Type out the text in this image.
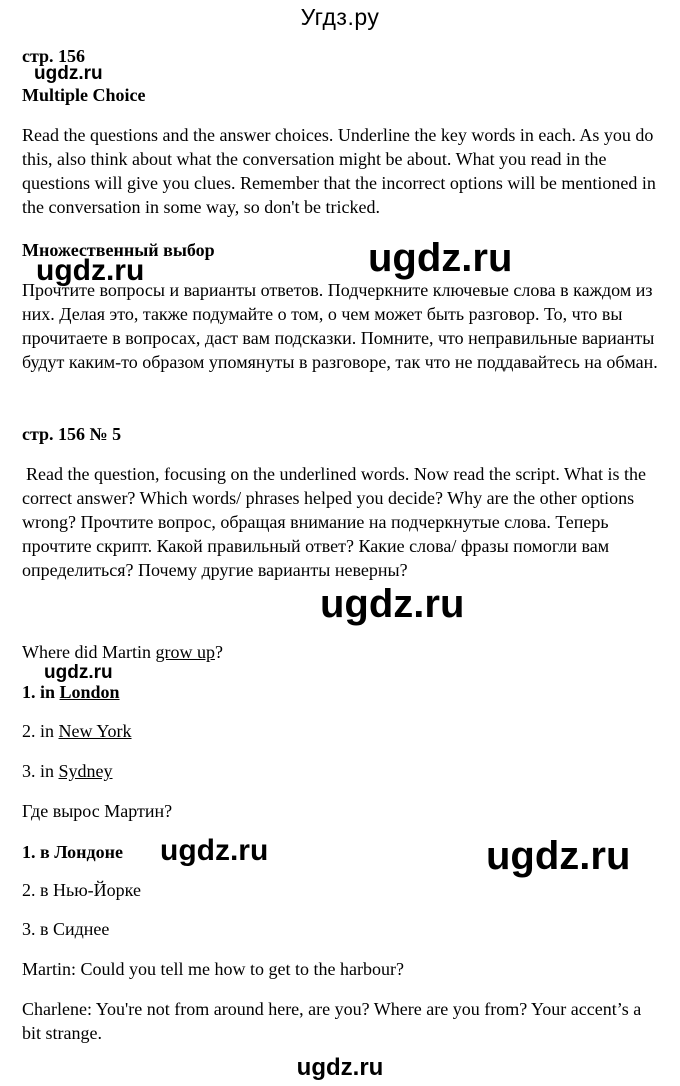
Угдз.ру
стр. 156
ugdz.ru
Multiple Choice

Read the questions and the answer choices. Underline the key words in each. As you do this, also think about what the conversation might be about. What you read in the questions will give you clues. Remember that the incorrect options will be mentioned in the conversation in some way, so don't be tricked.

Множественный выбор	ugdz.ru
ugdz.ru

Прочтите вопросы и варианты ответов. Подчеркните ключевые слова в каждом из них. Делая это, также подумайте о том, о чем может быть разговор. То, что вы прочитаете в вопросах, даст вам подсказки. Помните, что неправильные варианты будут каким-то образом упомянуты в разговоре, так что не поддавайтесь на обман.

стр. 156 № 5

Read the question, focusing on the underlined words. Now read the script. What is the correct answer? Which words/ phrases helped you decide? Why are the other options wrong? Прочтите вопрос, обращая внимание на подчеркнутые слова. Теперь прочтите скрипт. Какой правильный ответ? Какие слова/ фразы помогли вам определиться? Почему другие варианты неверны?

ugdz.ru
Where did Martin grow up?
ugdz.ru
1. in London
2. in New York
3. in Sydney
Где вырос Мартин?
1. в Лондоне ugdz.ru	ugdz.ru
2. в Нью-Йорке
3. в Сиднее

Martin: Could you tell me how to get to the harbour?

Charlene: You're not from around here, are you? Where are you from? Your accent’s a bit strange.

ugdz.ru
